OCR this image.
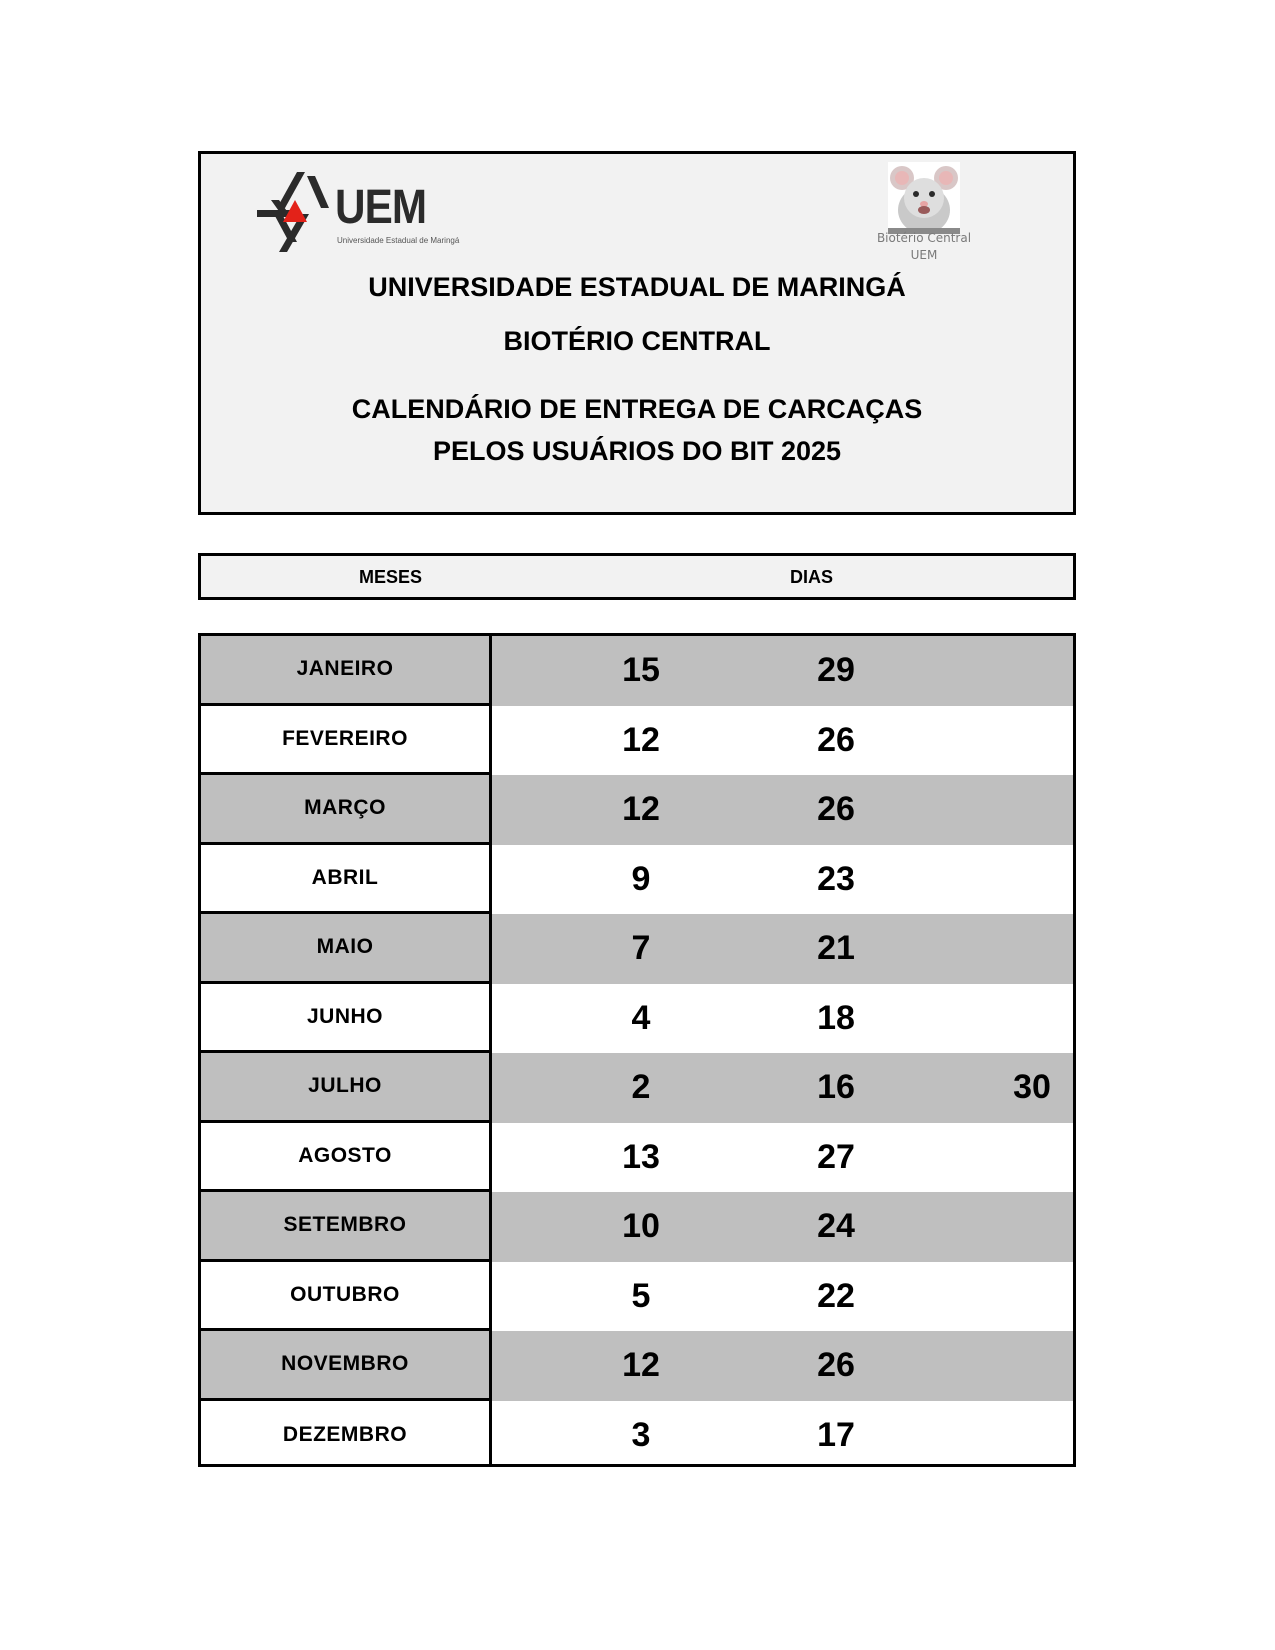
UEM
Universidade Estadual de Maringá	Biotério Central
UEM
UNIVERSIDADE ESTADUAL DE MARINGÁ
BIOTÉRIO CENTRAL
CALENDÁRIO DE ENTREGA DE CARCAÇAS
PELOS USUÁRIOS DO BIT 2025
MESES	DIAS
JANEIRO	15	29
FEVEREIRO	12	26
MARÇO	12	26
ABRIL	9	23
MAIO	7	21
JUNHO	4	18
JULHO	2	16	30
AGOSTO	13	27
SETEMBRO	10	24
OUTUBRO	5	22
NOVEMBRO	12	26
DEZEMBRO	3	17
